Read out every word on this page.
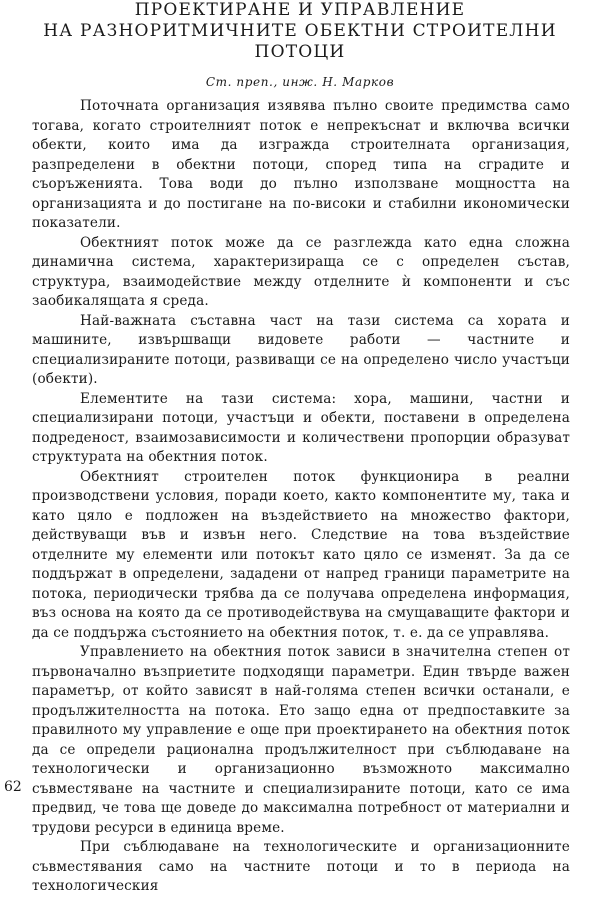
ПРОЕКТИРАНЕ И УПРАВЛЕНИЕ
НА РАЗНОРИТМИЧНИТЕ ОБЕКТНИ СТРОИТЕЛНИ ПОТОЦИ
Ст. преп., инж. Н. Марков

Поточната организация изявява пълно своите предимства само тогава, когато строителният поток е непрекъснат и включва всички обекти, които има да изгражда строителната организация, разпределени в обектни потоци, според типа на сградите и съоръженията. Това води до пълно използване мощността на организацията и до постигане на по-високи и стабилни икономически показатели.

Обектният поток може да се разглежда като една сложна динамична система, характеризираща се с определен състав, структура, взаимодействие между отделните ѝ компоненти и със заобикалящата я среда.

Най-важната съставна част на тази система са хората и машините, извършващи видовете работи — частните и специализираните потоци, развиващи се на определено число участъци (обекти).

Елементите на тази система: хора, машини, частни и специализирани потоци, участъци и обекти, поставени в определена подредeност, взаимозависимости и количествени пропорции образуват структурата на обектния поток.

Обектният строителен поток функционира в реални производствени условия, поради което, както компонентите му, така и като цяло е подложен на въздействието на множество фактори, действуващи във и извън него. Следствие на това въздействие отделните му елементи или потокът като цяло се изменят. За да се поддържат в определени, зададени от напред граници параметрите на потока, периодически трябва да се получава определена информация, въз основа на която да се противодействува на смущаващите фактори и да се поддържа състоянието на обектния поток, т. е. да се управлява.

Управлението на обектния поток зависи в значителна степен от първоначално възприетите подходящи параметри. Един твърде важен параметър, от който зависят в най-голяма степен всички останали, е продължителността на потока. Ето защо една от предпоставките за правилното му управление е още при проектирането на обектния поток да се определи рационална продължителност при съблюдаване на технологически и организационно възможното максимално съвместяване на частните и специализираните потоци, като се има предвид, че това ще доведе до максимална потребност от материални и трудови ресурси в единица време.

При съблюдаване на технологическите и организационните съвместявания само на частните потоци и то в периода на технологическия

62
